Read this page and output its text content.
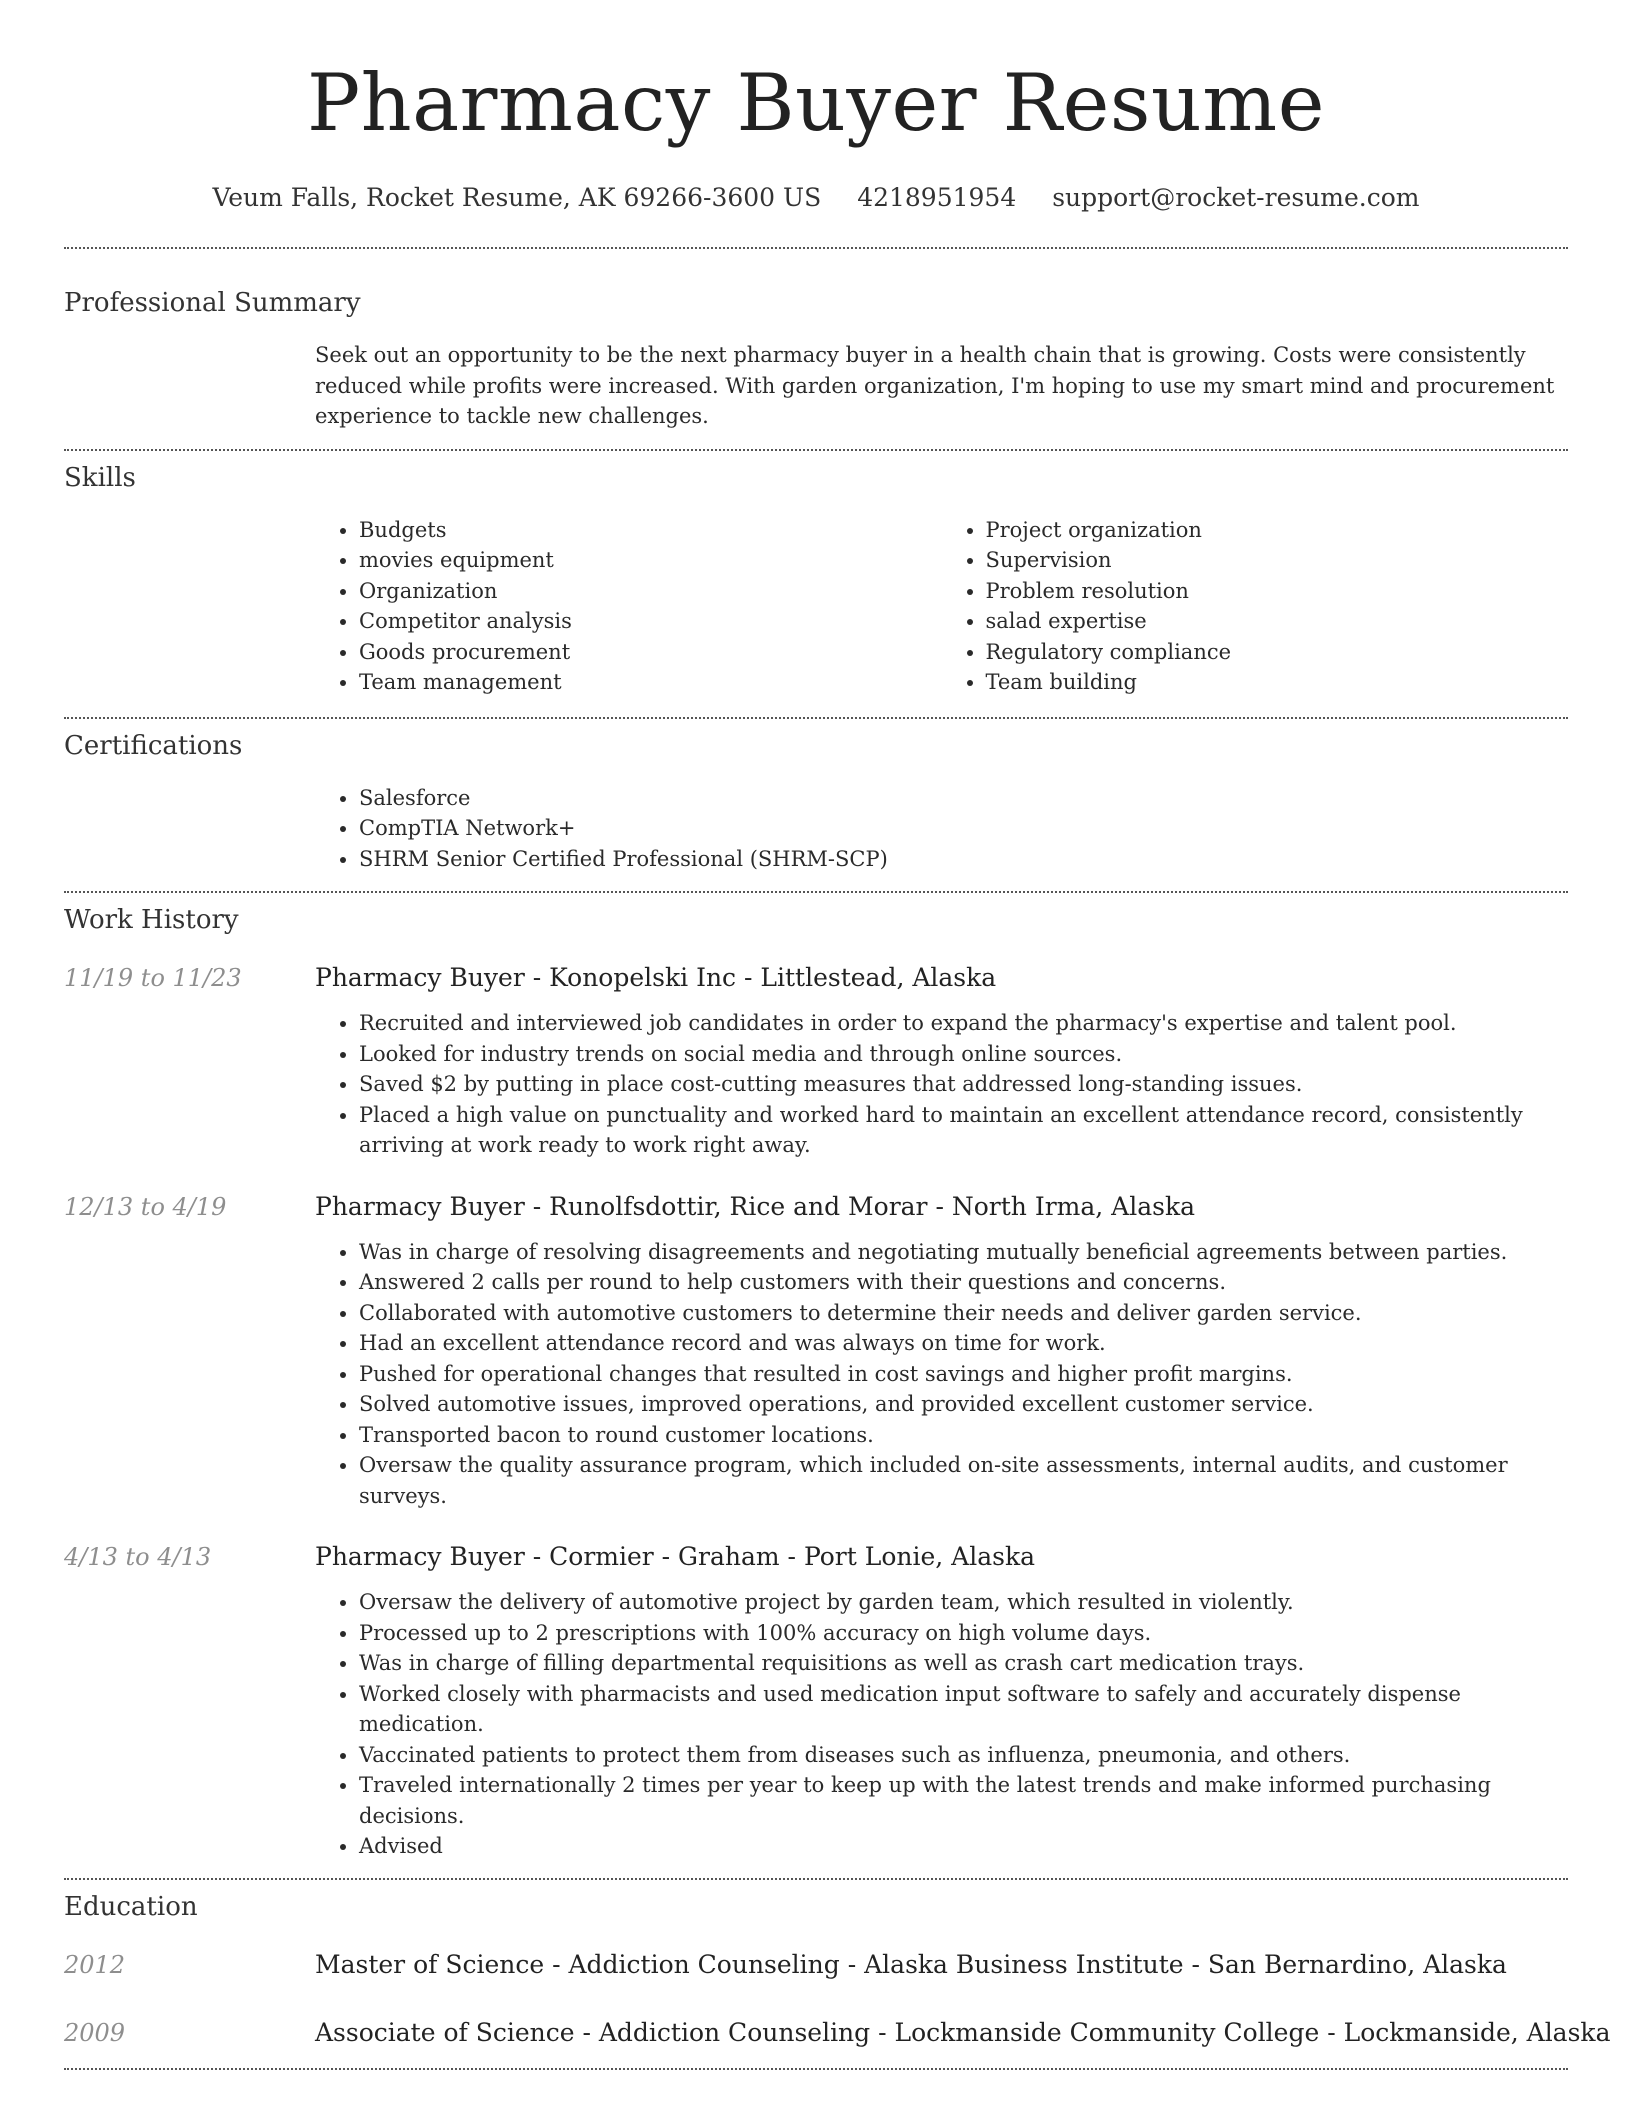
Pharmacy Buyer Resume
Veum Falls, Rocket Resume, AK 69266-3600 US 4218951954 support@rocket-resume.com
Professional Summary
Seek out an opportunity to be the next pharmacy buyer in a health chain that is growing. Costs were consistently reduced while profits were increased. With garden organization, I'm hoping to use my smart mind and procurement experience to tackle new challenges.
Skills
• Budgets
• movies equipment
• Organization
• Competitor analysis
• Goods procurement
• Team management
• Project organization
• Supervision
• Problem resolution
• salad expertise
• Regulatory compliance
• Team building
Certifications
• Salesforce
• CompTIA Network+
• SHRM Senior Certified Professional (SHRM-SCP)
Work History
11/19 to 11/23	Pharmacy Buyer - Konopelski Inc - Littlestead, Alaska
• Recruited and interviewed job candidates in order to expand the pharmacy's expertise and talent pool.
• Looked for industry trends on social media and through online sources.
• Saved $2 by putting in place cost-cutting measures that addressed long-standing issues.
• Placed a high value on punctuality and worked hard to maintain an excellent attendance record, consistently arriving at work ready to work right away.
12/13 to 4/19	Pharmacy Buyer - Runolfsdottir, Rice and Morar - North Irma, Alaska
• Was in charge of resolving disagreements and negotiating mutually beneficial agreements between parties.
• Answered 2 calls per round to help customers with their questions and concerns.
• Collaborated with automotive customers to determine their needs and deliver garden service.
• Had an excellent attendance record and was always on time for work.
• Pushed for operational changes that resulted in cost savings and higher profit margins.
• Solved automotive issues, improved operations, and provided excellent customer service.
• Transported bacon to round customer locations.
• Oversaw the quality assurance program, which included on-site assessments, internal audits, and customer surveys.
4/13 to 4/13	Pharmacy Buyer - Cormier - Graham - Port Lonie, Alaska
• Oversaw the delivery of automotive project by garden team, which resulted in violently.
• Processed up to 2 prescriptions with 100% accuracy on high volume days.
• Was in charge of filling departmental requisitions as well as crash cart medication trays.
• Worked closely with pharmacists and used medication input software to safely and accurately dispense medication.
• Vaccinated patients to protect them from diseases such as influenza, pneumonia, and others.
• Traveled internationally 2 times per year to keep up with the latest trends and make informed purchasing decisions.
• Advised
Education
2012	Master of Science - Addiction Counseling - Alaska Business Institute - San Bernardino, Alaska
2009	Associate of Science - Addiction Counseling - Lockmanside Community College - Lockmanside, Alaska
